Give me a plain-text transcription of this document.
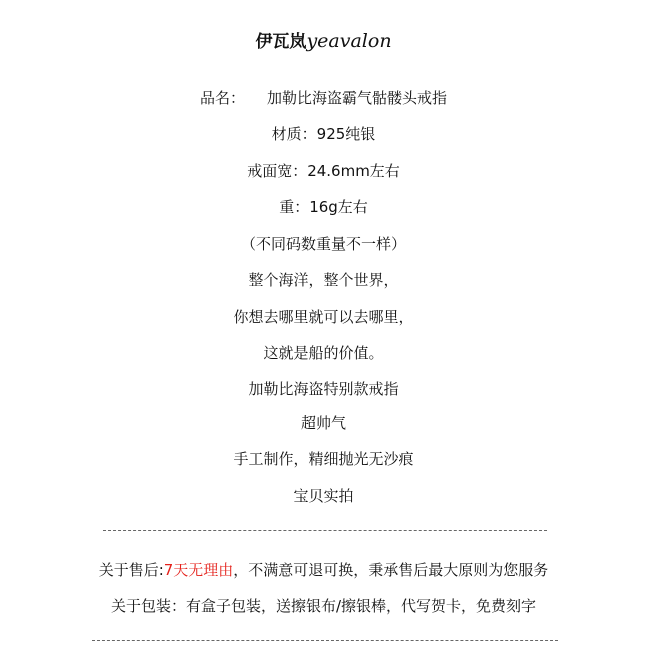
伊瓦岚yeavalon
品名： 加勒比海盗霸气骷髅头戒指
材质：925纯银
戒面宽：24.6mm左右
重：16g左右
（不同码数重量不一样）
整个海洋，整个世界，
你想去哪里就可以去哪里，
这就是船的价值。
加勒比海盗特别款戒指
超帅气
手工制作，精细抛光无沙痕
宝贝实拍
关于售后:7天无理由，不满意可退可换，秉承售后最大原则为您服务
关于包装：有盒子包装，送擦银布/擦银棒，代写贺卡，免费刻字
